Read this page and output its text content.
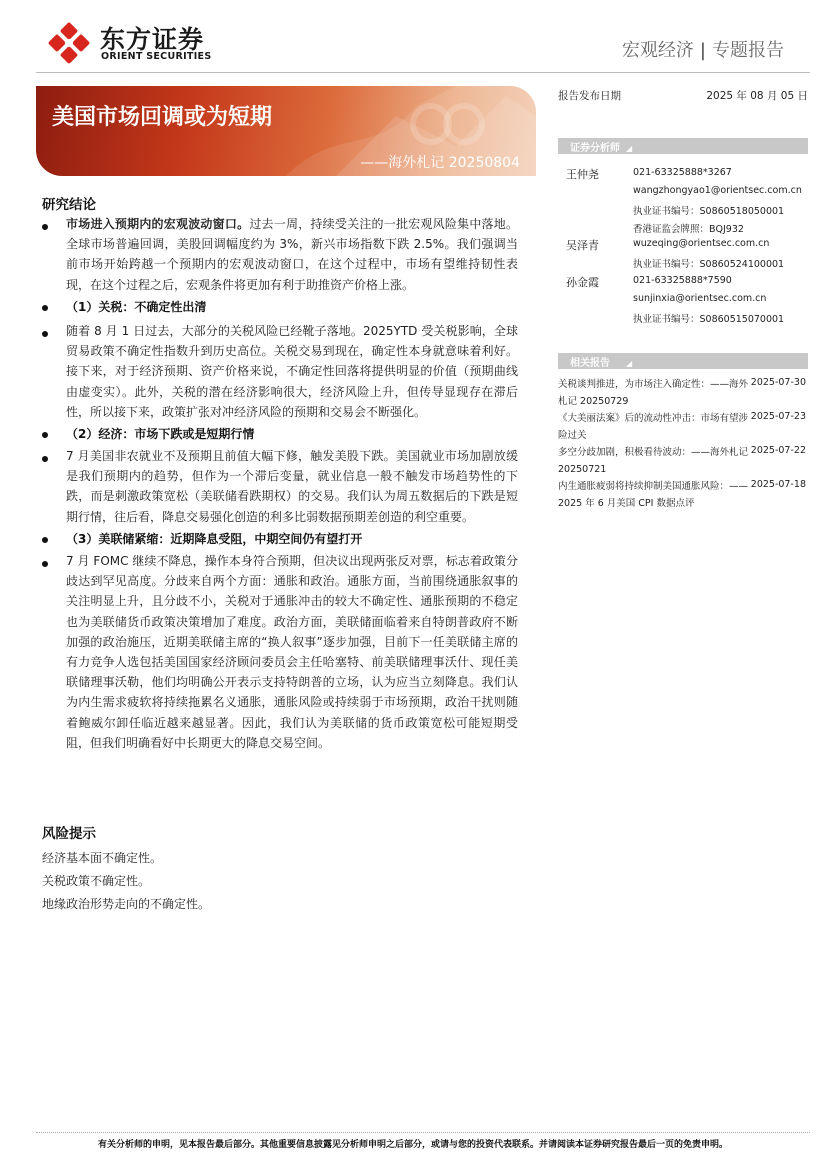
东方证券
ORIENT SECURITIES	宏观经济 | 专题报告
美国市场回调或为短期
——海外札记 20250804
报告发布日期	2025 年 08 月 05 日
证券分析师 ◢
王仲尧	021-63325888*3267
wangzhongyao1@orientsec.com.cn
执业证书编号：S0860518050001
香港证监会牌照：BQJ932
吴泽青	wuzeqing@orientsec.com.cn
执业证书编号：S0860524100001
孙金霞	021-63325888*7590
sunjinxia@orientsec.com.cn
执业证书编号：S0860515070001
相关报告 ◢
关税谈判推进，为市场注入确定性：——海外札记 20250729
2025-07-30
《大美丽法案》后的流动性冲击：市场有望涉险过关
2025-07-23
多空分歧加剧，积极看待波动：——海外札记 20250721
2025-07-22
内生通胀疲弱将持续抑制美国通胀风险：——2025 年 6 月美国 CPI 数据点评
2025-07-18
研究结论
市场进入预期内的宏观波动窗口。过去一周，持续受关注的一批宏观风险集中落地。全球市场普遍回调，美股回调幅度约为 3%，新兴市场指数下跌 2.5%。我们强调当前市场开始跨越一个预期内的宏观波动窗口，在这个过程中，市场有望维持韧性表现，在这个过程之后，宏观条件将更加有利于助推资产价格上涨。
（1）关税：不确定性出清
随着 8 月 1 日过去，大部分的关税风险已经靴子落地。2025YTD 受关税影响，全球贸易政策不确定性指数升到历史高位。关税交易到现在，确定性本身就意味着利好。接下来，对于经济预期、资产价格来说，不确定性回落将提供明显的价值（预期曲线由虚变实）。此外，关税的潜在经济影响很大，经济风险上升，但传导显现存在滞后性，所以接下来，政策扩张对冲经济风险的预期和交易会不断强化。
（2）经济：市场下跌或是短期行情
7 月美国非农就业不及预期且前值大幅下修，触发美股下跌。美国就业市场加剧放缓是我们预期内的趋势，但作为一个滞后变量，就业信息一般不触发市场趋势性的下跌，而是刺激政策宽松（美联储看跌期权）的交易。我们认为周五数据后的下跌是短期行情，往后看，降息交易强化创造的利多比弱数据预期差创造的利空重要。
（3）美联储紧缩：近期降息受阻，中期空间仍有望打开
7 月 FOMC 继续不降息，操作本身符合预期，但决议出现两张反对票，标志着政策分歧达到罕见高度。分歧来自两个方面：通胀和政治。通胀方面，当前围绕通胀叙事的关注明显上升，且分歧不小，关税对于通胀冲击的较大不确定性、通胀预期的不稳定也为美联储货币政策决策增加了难度。政治方面，美联储面临着来自特朗普政府不断加强的政治施压，近期美联储主席的“换人叙事”逐步加强，目前下一任美联储主席的有力竞争人选包括美国国家经济顾问委员会主任哈塞特、前美联储理事沃什、现任美联储理事沃勒，他们均明确公开表示支持特朗普的立场，认为应当立刻降息。我们认为内生需求疲软将持续拖累名义通胀，通胀风险或持续弱于市场预期，政治干扰则随着鲍威尔卸任临近越来越显著。因此，我们认为美联储的货币政策宽松可能短期受阻，但我们明确看好中长期更大的降息交易空间。
风险提示
经济基本面不确定性。
关税政策不确定性。
地缘政治形势走向的不确定性。
有关分析师的申明，见本报告最后部分。其他重要信息披露见分析师申明之后部分，或请与您的投资代表联系。并请阅读本证券研究报告最后一页的免责申明。
